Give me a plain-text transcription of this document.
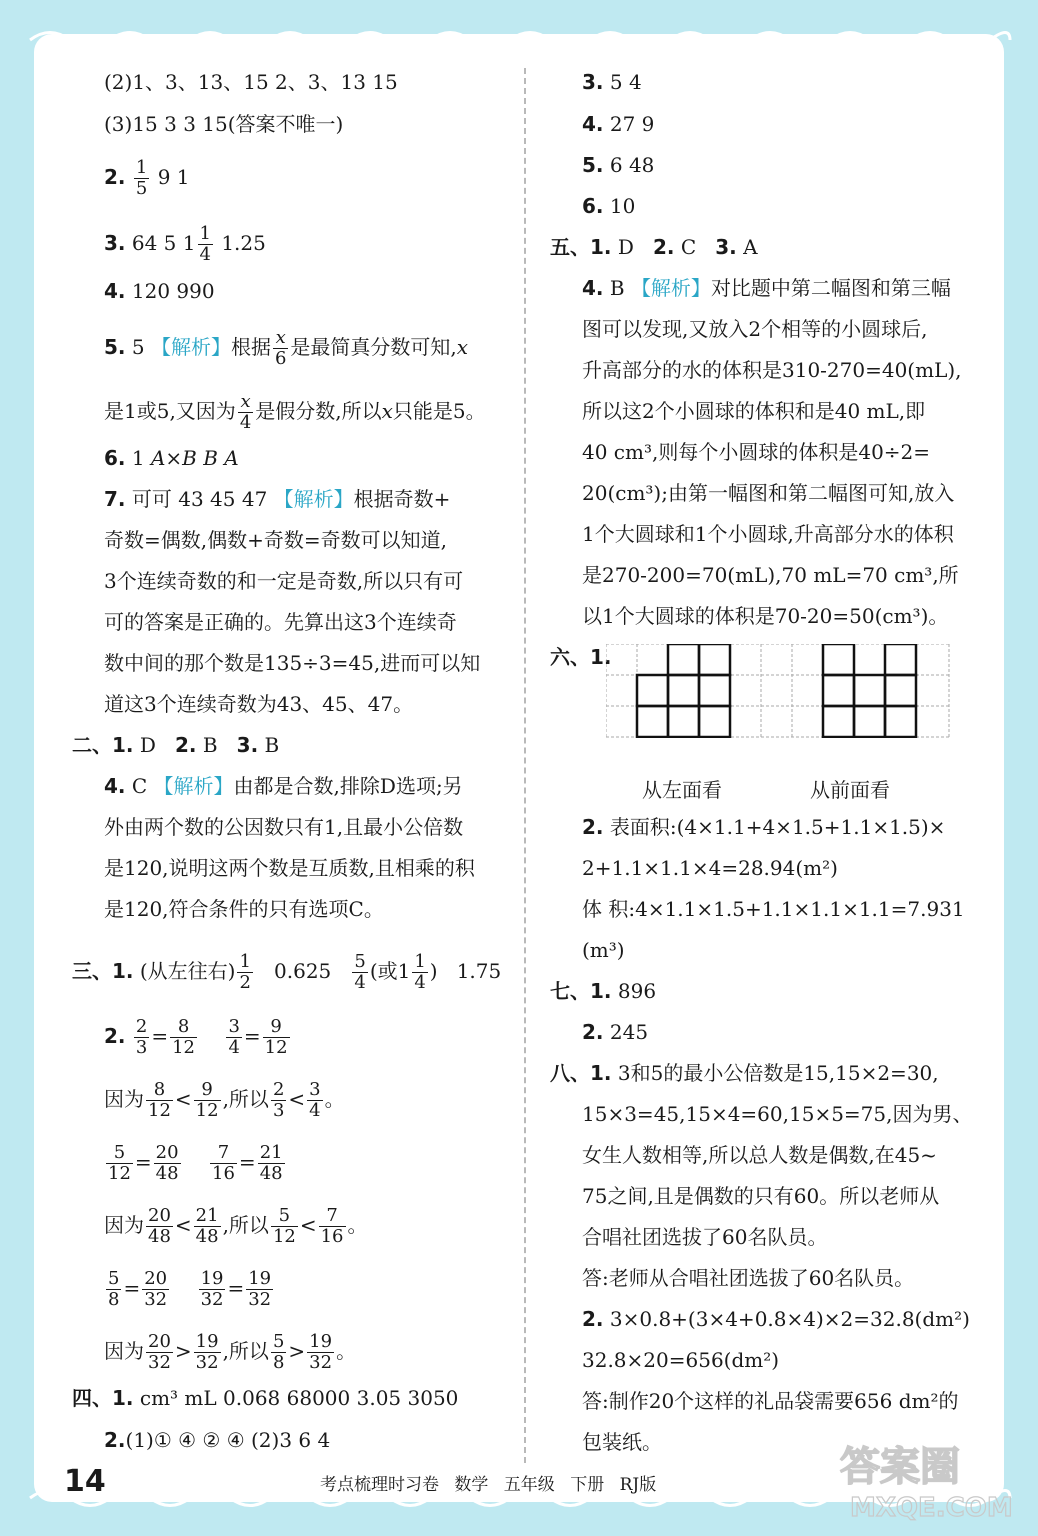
(2)1、3、13、15 2、3、13 15
(3)15 3 3 15(答案不唯一)
2. $\frac{1}{5} 9$ 1
3. 64 5 $1 \frac{1}{4} 1.25$
4. 120 990
5. 5 【解析】根据 $\frac{x}{6}$ 是最简真分数可知,x
是1或5,又因为 $\frac{x}{4}$ 是假分数,所以x只能是5。
6. 1 A×B B A
7. 可可 43 45 47 【解析】根据奇数+
奇数=偶数,偶数+奇数=奇数可以知道,
3个连续奇数的和一定是奇数,所以只有可
可的答案是正确的。先算出这3个连续奇
数中间的那个数是135÷3=45,进而可以知
道这3个连续奇数为43、45、47。
二、1. D 2. B 3. B
4. C 【解析】由都是合数,排除D选项;另
外由两个数的公因数只有1,且最小公倍数
是120,说明这两个数是互质数,且相乘的积
是120,符合条件的只有选项C。
三、1. (从左往右) $\frac{1}{2} 0.625 \frac{5}{4}$ (或$1 \frac{1}{4}$ ) 1.75
2. $\frac{2}{3} = \frac{8}{12}$
$\frac{3}{4} = \frac{9}{12}$
因为 $\frac{8}{12} < \frac{9}{12}$ ,所以 $\frac{2}{3} < \frac{3}{4}$ 。
$\frac{5}{12} = \frac{20}{48}$
$\frac{7}{16} = \frac{21}{48}$
因为 $\frac{20}{48} < \frac{21}{48}$ ,所以 $\frac{5}{12} < \frac{7}{16}$ 。
$\frac{5}{8} = \frac{20}{32}$
$\frac{19}{32} = \frac{19}{32}$
因为 $\frac{20}{32} > \frac{19}{32}$ ,所以 $\frac{5}{8} > \frac{19}{32}$ 。
四、1. cm³ mL 0.068 68000 3.05 3050
2.(1)① ④ ② ④ (2)3 6 4
3. 5 4
4. 27 9
5. 6 48
6. 10
五、1. D 2. C 3. A
4. B 【解析】对比题中第二幅图和第三幅
图可以发现,又放入2个相等的小圆球后,
升高部分的水的体积是310-270=40(mL),
所以这2个小圆球的体积和是40 mL,即
40 cm³,则每个小圆球的体积是40÷2=
20(cm³);由第一幅图和第二幅图可知,放入
1个大圆球和1个小圆球,升高部分水的体积
是270-200=70(mL),70 mL=70 cm³,所
以1个大圆球的体积是70-20=50(cm³)。
六、1.
从左面看	从前面看
2. 表面积:(4×1.1+4×1.5+1.1×1.5)×
2+1.1×1.1×4=28.94(m²)
体 积:4×1.1×1.5+1.1×1.1×1.1=7.931
(m³)
七、1. 896
2. 245
八、1. 3和5的最小公倍数是15,15×2=30,
15×3=45,15×4=60,15×5=75,因为男、
女生人数相等,所以总人数是偶数,在45~
75之间,且是偶数的只有60。所以老师从
合唱社团选拔了60名队员。
答:老师从合唱社团选拔了60名队员。
2. 3×0.8+(3×4+0.8×4)×2=32.8(dm²)
32.8×20=656(dm²)
答:制作20个这样的礼品袋需要656 dm²的
包装纸。
14	考点梳理时习卷 数学 五年级 下册 RJ版	答案圈
MXQE.COM
